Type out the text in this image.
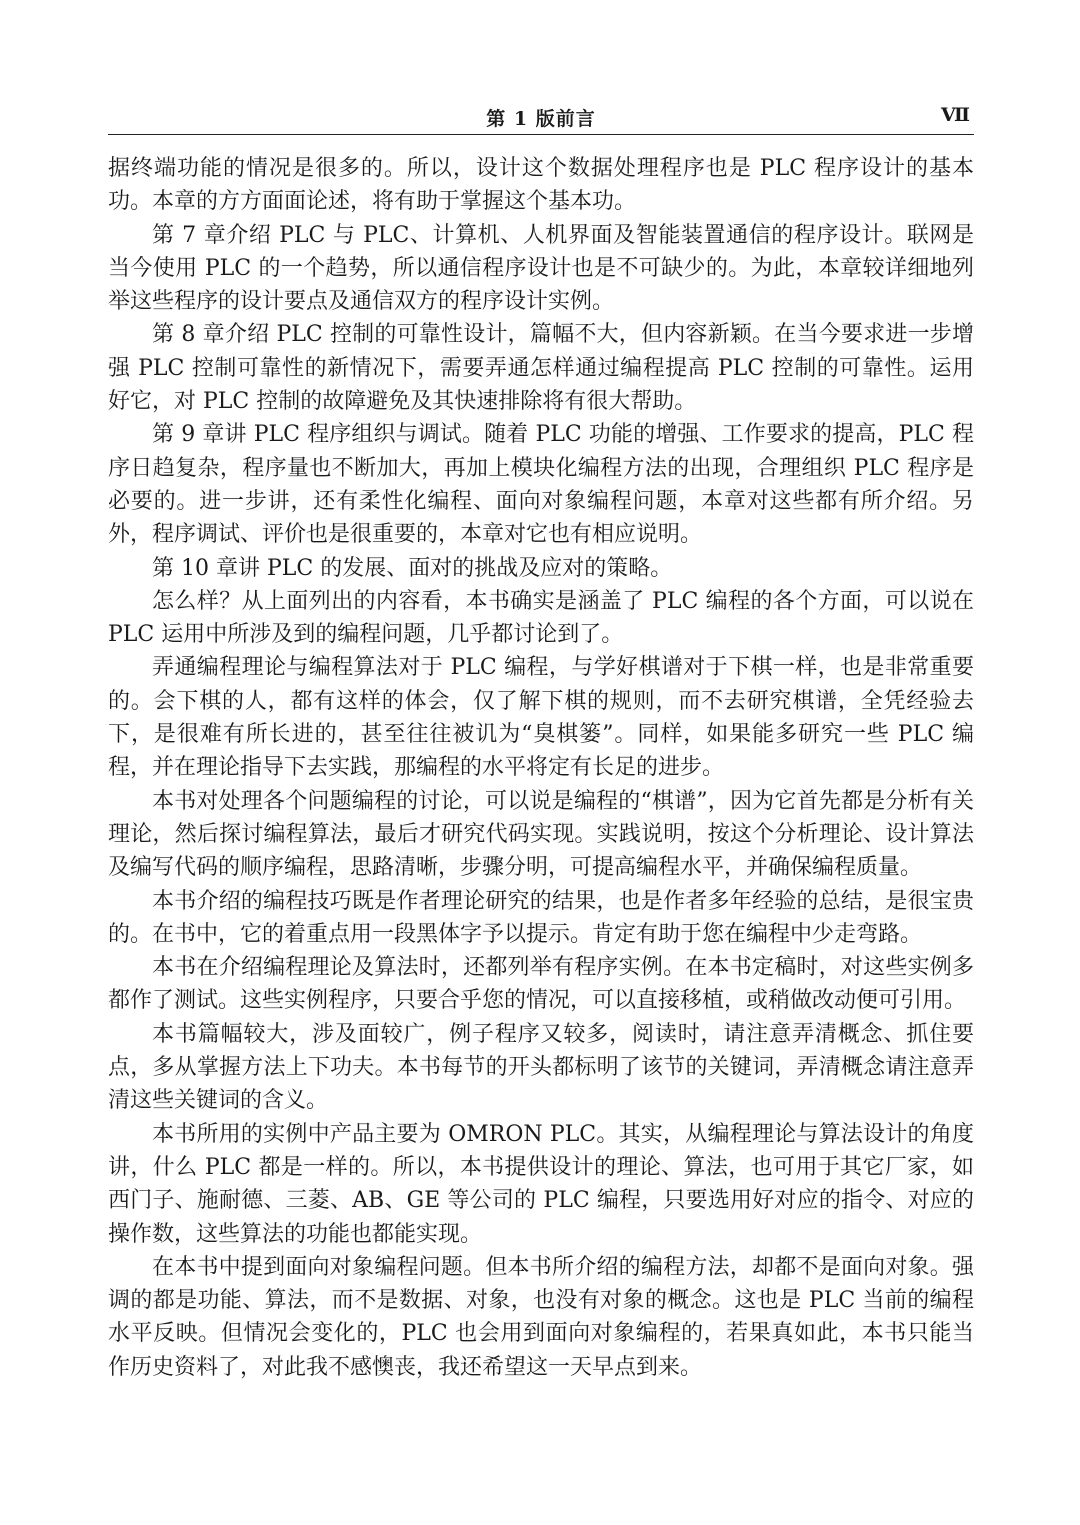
第 1 版前言	Ⅶ

据终端功能的情况是很多的。所以，设计这个数据处理程序也是 PLC 程序设计的基本功。本章的方方面面论述，将有助于掌握这个基本功。

第 7 章介绍 PLC 与 PLC、计算机、人机界面及智能装置通信的程序设计。联网是当今使用 PLC 的一个趋势，所以通信程序设计也是不可缺少的。为此，本章较详细地列举这些程序的设计要点及通信双方的程序设计实例。

第 8 章介绍 PLC 控制的可靠性设计，篇幅不大，但内容新颖。在当今要求进一步增强 PLC 控制可靠性的新情况下，需要弄通怎样通过编程提高 PLC 控制的可靠性。运用好它，对 PLC 控制的故障避免及其快速排除将有很大帮助。

第 9 章讲 PLC 程序组织与调试。随着 PLC 功能的增强、工作要求的提高，PLC 程序日趋复杂，程序量也不断加大，再加上模块化编程方法的出现，合理组织 PLC 程序是必要的。进一步讲，还有柔性化编程、面向对象编程问题，本章对这些都有所介绍。另外，程序调试、评价也是很重要的，本章对它也有相应说明。

第 10 章讲 PLC 的发展、面对的挑战及应对的策略。

怎么样？从上面列出的内容看，本书确实是涵盖了 PLC 编程的各个方面，可以说在 PLC 运用中所涉及到的编程问题，几乎都讨论到了。

弄通编程理论与编程算法对于 PLC 编程，与学好棋谱对于下棋一样，也是非常重要的。会下棋的人，都有这样的体会，仅了解下棋的规则，而不去研究棋谱，全凭经验去下，是很难有所长进的，甚至往往被讥为“臭棋篓”。同样，如果能多研究一些 PLC 编程，并在理论指导下去实践，那编程的水平将定有长足的进步。

本书对处理各个问题编程的讨论，可以说是编程的“棋谱”，因为它首先都是分析有关理论，然后探讨编程算法，最后才研究代码实现。实践说明，按这个分析理论、设计算法及编写代码的顺序编程，思路清晰，步骤分明，可提高编程水平，并确保编程质量。

本书介绍的编程技巧既是作者理论研究的结果，也是作者多年经验的总结，是很宝贵的。在书中，它的着重点用一段黑体字予以提示。肯定有助于您在编程中少走弯路。

本书在介绍编程理论及算法时，还都列举有程序实例。在本书定稿时，对这些实例多都作了测试。这些实例程序，只要合乎您的情况，可以直接移植，或稍做改动便可引用。

本书篇幅较大，涉及面较广，例子程序又较多，阅读时，请注意弄清概念、抓住要点，多从掌握方法上下功夫。本书每节的开头都标明了该节的关键词，弄清概念请注意弄清这些关键词的含义。

本书所用的实例中产品主要为 OMRON PLC。其实，从编程理论与算法设计的角度讲，什么 PLC 都是一样的。所以，本书提供设计的理论、算法，也可用于其它厂家，如西门子、施耐德、三菱、AB、GE 等公司的 PLC 编程，只要选用好对应的指令、对应的操作数，这些算法的功能也都能实现。

在本书中提到面向对象编程问题。但本书所介绍的编程方法，却都不是面向对象。强调的都是功能、算法，而不是数据、对象，也没有对象的概念。这也是 PLC 当前的编程水平反映。但情况会变化的，PLC 也会用到面向对象编程的，若果真如此，本书只能当作历史资料了，对此我不感懊丧，我还希望这一天早点到来。
